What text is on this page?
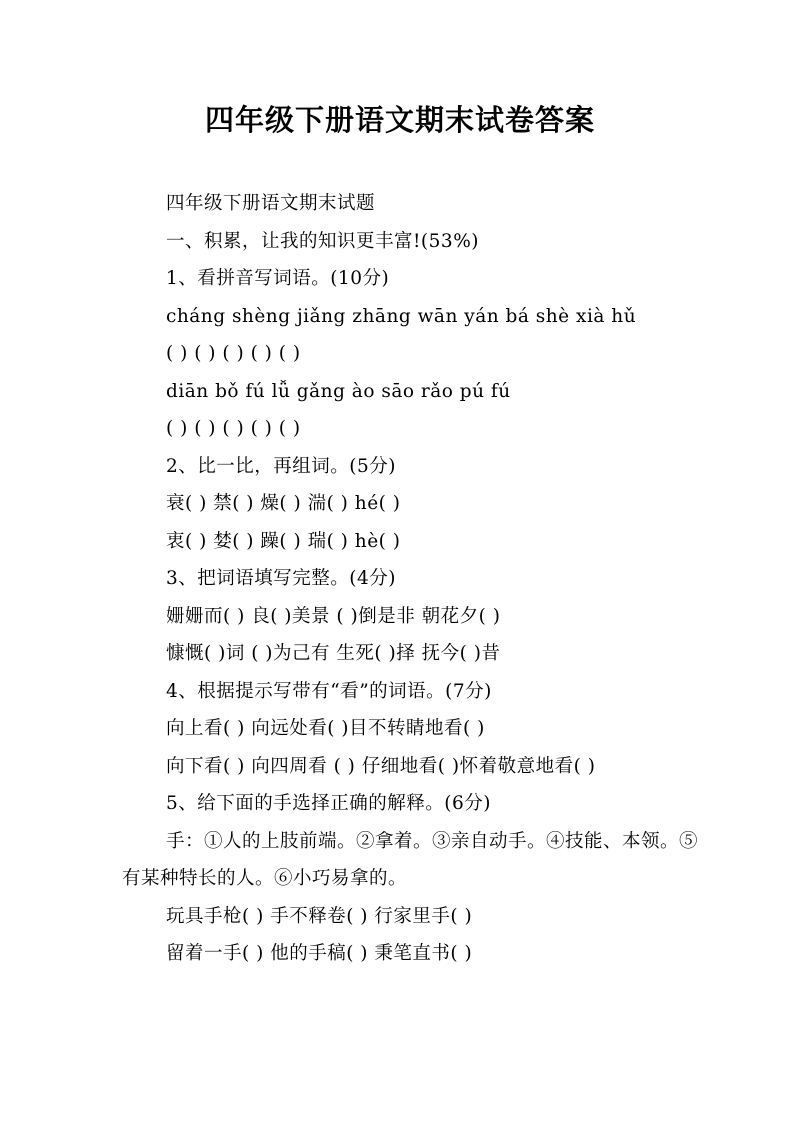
四年级下册语文期末试卷答案

四年级下册语文期末试题

一、积累，让我的知识更丰富!(53%)

1、看拼音写词语。(10分)

cháng shèng jiǎng zhāng wān yán bá shè xià hǔ

( ) ( ) ( ) ( ) ( )

diān bǒ fú lǚ gǎng ào sāo rǎo pú fú

( ) ( ) ( ) ( ) ( )

2、比一比，再组词。(5分)

衰( ) 禁( ) 燥( ) 湍( ) hé( )

衷( ) 婪( ) 躁( ) 瑞( ) hè( )

3、把词语填写完整。(4分)

姗姗而( ) 良( )美景 ( )倒是非 朝花夕( )

慷慨( )词 ( )为己有 生死( )择 抚今( )昔

4、根据提示写带有“看”的词语。(7分)

向上看( ) 向远处看( )目不转睛地看( )

向下看( ) 向四周看 ( ) 仔细地看( )怀着敬意地看( )

5、给下面的手选择正确的解释。(6分)

手：①人的上肢前端。②拿着。③亲自动手。④技能、本领。⑤有某种特长的人。⑥小巧易拿的。

玩具手枪( ) 手不释卷( ) 行家里手( )

留着一手( ) 他的手稿( ) 秉笔直书( )
